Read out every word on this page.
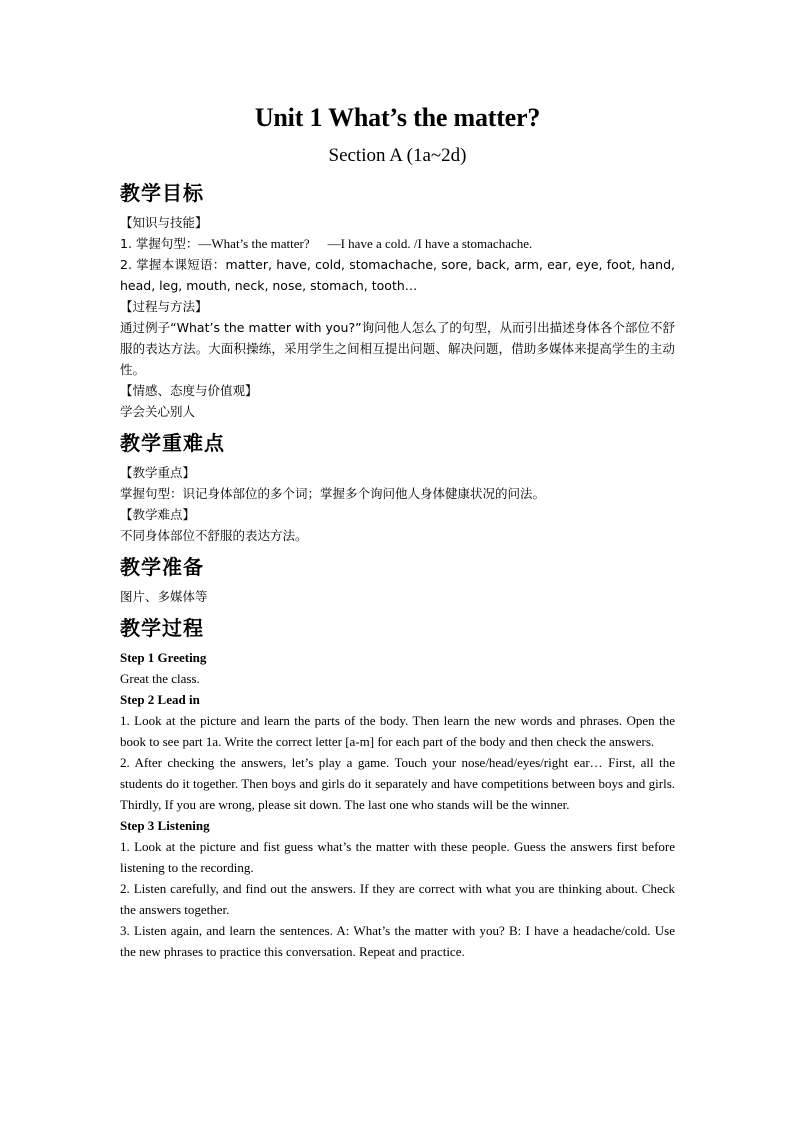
Unit 1 What’s the matter?

Section A (1a~2d)

教学目标

【知识与技能】

1. 掌握句型：—What’s the matter? —I have a cold. /I have a stomachache.

2. 掌握本课短语：matter, have, cold, stomachache, sore, back, arm, ear, eye, foot, hand, head, leg, mouth, neck, nose, stomach, tooth…

【过程与方法】

通过例子“What’s the matter with you?”询问他人怎么了的句型，从而引出描述身体各个部位不舒服的表达方法。大面积操练，采用学生之间相互提出问题、解决问题，借助多媒体来提高学生的主动性。

【情感、态度与价值观】

学会关心别人

教学重难点

【教学重点】

掌握句型：识记身体部位的多个词；掌握多个询问他人身体健康状况的问法。

【教学难点】

不同身体部位不舒服的表达方法。

教学准备

图片、多媒体等

教学过程

Step 1 Greeting

Great the class.

Step 2 Lead in

1. Look at the picture and learn the parts of the body. Then learn the new words and phrases. Open the book to see part 1a. Write the correct letter [a-m] for each part of the body and then check the answers.

2. After checking the answers, let’s play a game. Touch your nose/head/eyes/right ear… First, all the students do it together. Then boys and girls do it separately and have competitions between boys and girls. Thirdly, If you are wrong, please sit down. The last one who stands will be the winner.

Step 3 Listening

1. Look at the picture and fist guess what’s the matter with these people. Guess the answers first before listening to the recording.

2. Listen carefully, and find out the answers. If they are correct with what you are thinking about. Check the answers together.

3. Listen again, and learn the sentences. A: What’s the matter with you? B: I have a headache/cold. Use the new phrases to practice this conversation. Repeat and practice.
